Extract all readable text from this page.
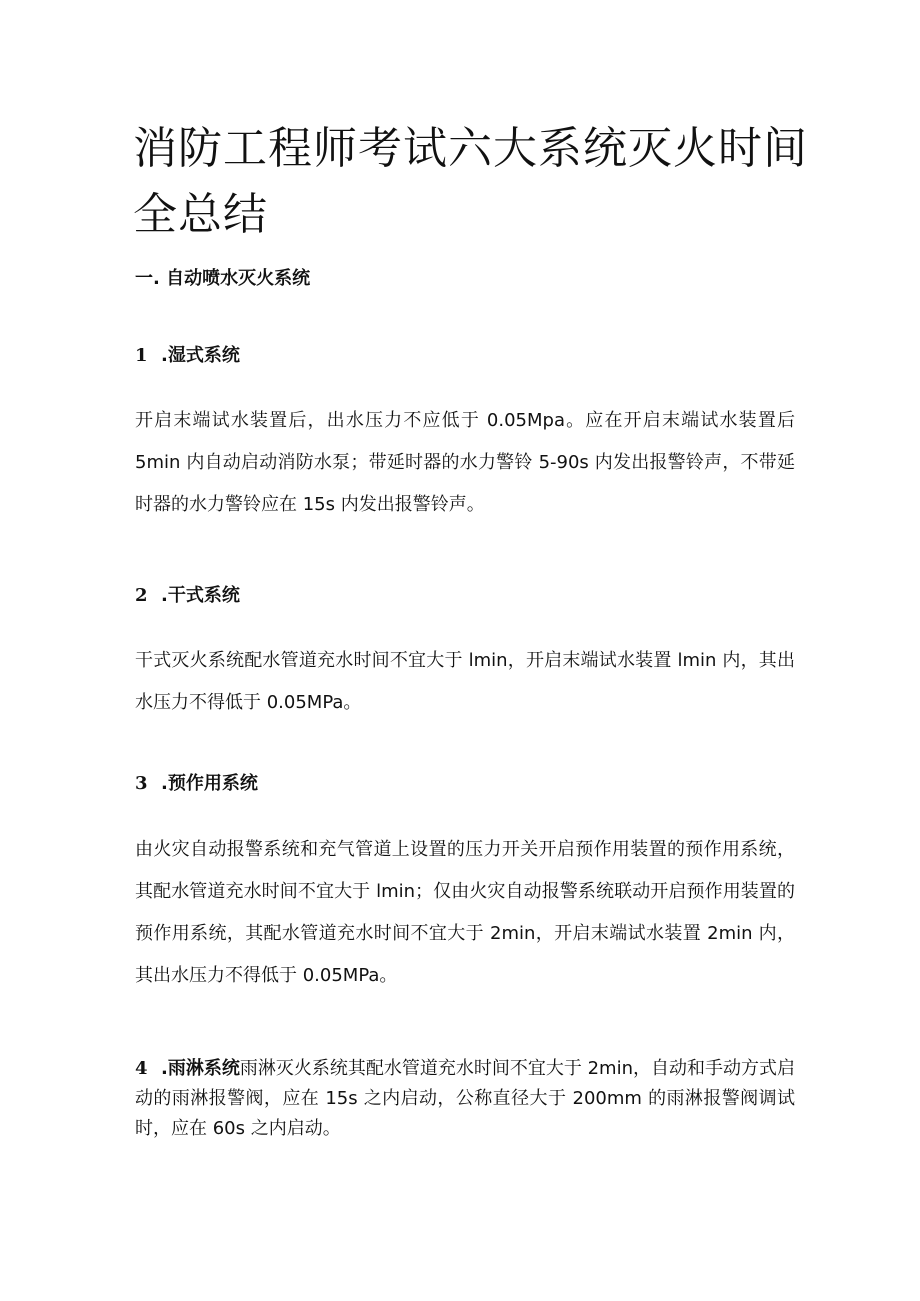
消防工程师考试六大系统灭火时间全总结
一. 自动喷水灭火系统
1 .湿式系统

开启末端试水装置后，出水压力不应低于 0.05Mpa。应在开启末端试水装置后 5min 内自动启动消防水泵；带延时器的水力警铃 5-90s 内发出报警铃声，不带延时器的水力警铃应在 15s 内发出报警铃声。

2 .干式系统

干式灭火系统配水管道充水时间不宜大于 lmin，开启末端试水装置 lmin 内，其出水压力不得低于 0.05MPa。

3 .预作用系统

由火灾自动报警系统和充气管道上设置的压力开关开启预作用装置的预作用系统，其配水管道充水时间不宜大于 lmin；仅由火灾自动报警系统联动开启预作用装置的预作用系统，其配水管道充水时间不宜大于 2min，开启末端试水装置 2min 内，其出水压力不得低于 0.05MPa。

4 .雨淋系统雨淋灭火系统其配水管道充水时间不宜大于 2min，自动和手动方式启动的雨淋报警阀，应在 15s 之内启动，公称直径大于 200mm 的雨淋报警阀调试时，应在 60s 之内启动。
